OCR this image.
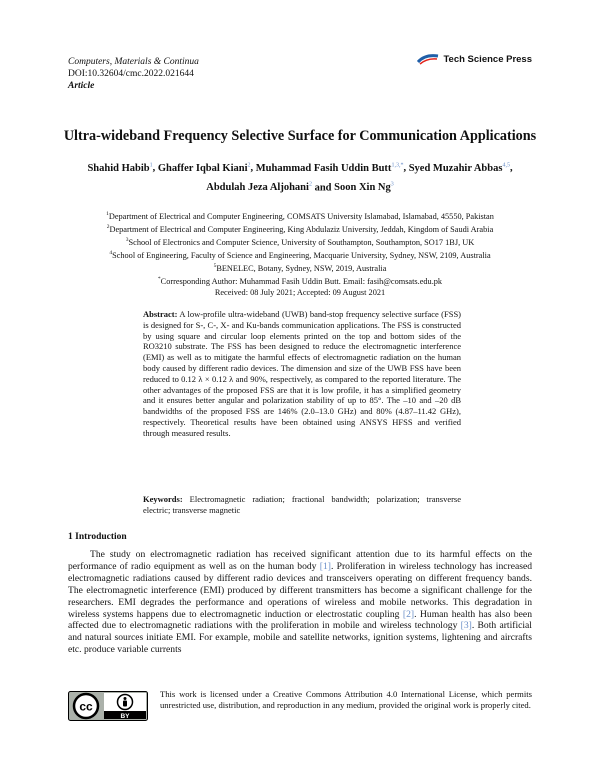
Computers, Materials & Continua
DOI:10.32604/cmc.2022.021644
Article
Tech Science Press
Ultra-wideband Frequency Selective Surface for Communication Applications
Shahid Habib$^1$, Ghaffer Iqbal Kiani$^2$, Muhammad Fasih Uddin Butt$^{1,3,*}$, Syed Muzahir Abbas$^{4,5}$,
Abdulah Jeza Aljohani$^2$ and Soon Xin Ng$^3$
$^1$Department of Electrical and Computer Engineering, COMSATS University Islamabad, Islamabad, 45550, Pakistan
$^2$Department of Electrical and Computer Engineering, King Abdulaziz University, Jeddah, Kingdom of Saudi Arabia
$^3$School of Electronics and Computer Science, University of Southampton, Southampton, SO17 1BJ, UK
$^4$School of Engineering, Faculty of Science and Engineering, Macquarie University, Sydney, NSW, 2109, Australia
$^5$BENELEC, Botany, Sydney, NSW, 2019, Australia
*Corresponding Author: Muhammad Fasih Uddin Butt. Email: fasih@comsats.edu.pk
Received: 08 July 2021; Accepted: 09 August 2021
Abstract: A low-profile ultra-wideband (UWB) band-stop frequency selective surface (FSS) is designed for S-, C-, X- and Ku-bands communication applications. The FSS is constructed by using square and circular loop elements printed on the top and bottom sides of the RO3210 substrate. The FSS has been designed to reduce the electromagnetic interference (EMI) as well as to mitigate the harmful effects of electromagnetic radiation on the human body caused by different radio devices. The dimension and size of the UWB FSS have been reduced to 0.12 λ × 0.12 λ and 90%, respectively, as compared to the reported literature. The other advantages of the proposed FSS are that it is low profile, it has a simplified geometry and it ensures better angular and polarization stability of up to 85°. The –10 and –20 dB bandwidths of the proposed FSS are 146% (2.0–13.0 GHz) and 80% (4.87–11.42 GHz), respectively. Theoretical results have been obtained using ANSYS HFSS and verified through measured results.
Keywords: Electromagnetic radiation; fractional bandwidth; polarization; transverse electric; transverse magnetic
1 Introduction

The study on electromagnetic radiation has received significant attention due to its harmful effects on the performance of radio equipment as well as on the human body [1]. Proliferation in wireless technology has increased electromagnetic radiations caused by different radio devices and transceivers operating on different frequency bands. The electromagnetic interference (EMI) produced by different transmitters has become a significant challenge for the researchers. EMI degrades the performance and operations of wireless and mobile networks. This degradation in wireless systems happens due to electromagnetic induction or electrostatic coupling [2]. Human health has also been affected due to electromagnetic radiations with the proliferation in mobile and wireless technology [3]. Both artificial and natural sources initiate EMI. For example, mobile and satellite networks, ignition systems, lightening and aircrafts etc. produce variable currents

cc
BY
This work is licensed under a Creative Commons Attribution 4.0 International License, which permits unrestricted use, distribution, and reproduction in any medium, provided the original work is properly cited.
